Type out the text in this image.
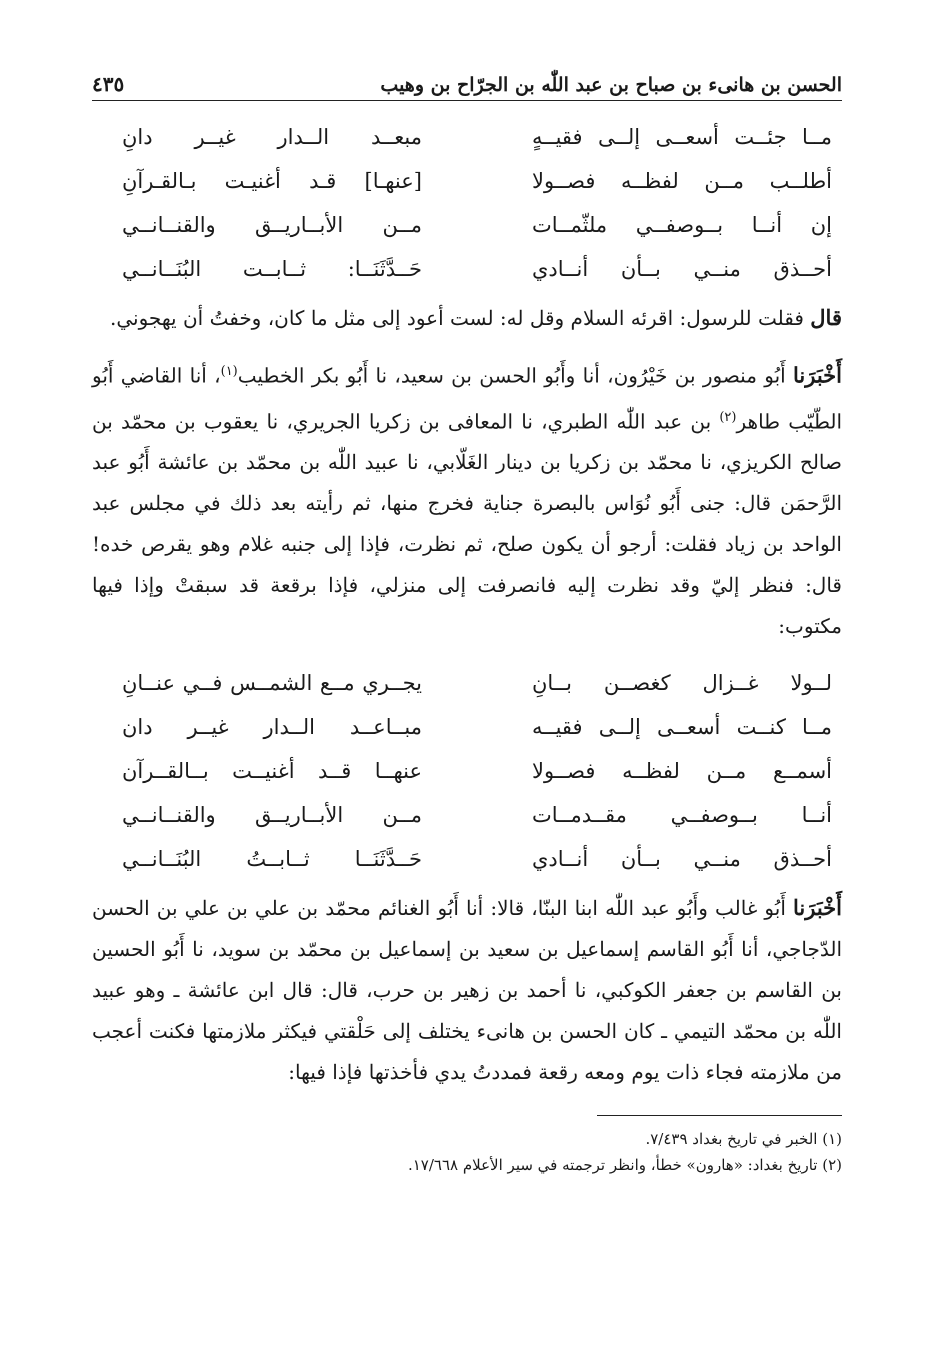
الحسن بن هانىء بن صباح بن عبد اللّٰه بن الجرّاح بن وهيب
٤٣٥
مــا جئــت أسعــى إلــى فقيــهٍ
مبعــد الــدار غيــر دانِ
أطلــب مــن لفظــه فصــولا
[عنهـا] قـد أغنيـت بـالقـرآنِ
إن أنــا بــوصفــي ملثّمــات
مــن الأبــاريــق والقنــانــي
أحــذق منــي بــأن أنــادي
حَــدَّثَنَــا: ثــابــت البُنَــانــي

قال فقلت للرسول: اقرئه السلام وقل له: لست أعود إلى مثل ما كان، وخفتُ أن يهجوني.

أَخْبَرَنا أَبُو منصور بن خَيْرُون، أنا وأَبُو الحسن بن سعيد، نا أَبُو بكر الخطيب$^{(١)}$، أنا القاضي أَبُو الطّيّب طاهر$^{(٢)}$ بن عبد اللّٰه الطبري، نا المعافى بن زكريا الجريري، نا يعقوب بن محمّد بن صالح الكريزي، نا محمّد بن زكريا بن دينار الغَلّابي، نا عبيد اللّٰه بن محمّد بن عائشة أَبُو عبد الرَّحمَن قال: جنى أَبُو نُوَاس بالبصرة جناية فخرج منها، ثم رأيته بعد ذلك في مجلس عبد الواحد بن زياد فقلت: أرجو أن يكون صلح، ثم نظرت، فإذا إلى جنبه غلام وهو يقرص خده! قال: فنظر إليّ وقد نظرت إليه فانصرفت إلى منزلي، فإذا برقعة قد سبقتْ وإذا فيها مكتوب:

لــولا غــزال كغصــن بــانِ
يجــري مــع الشمــس فــي عنــانِ
مــا كنــت أسعــى إلــى فقيــه
مبــاعــد الــدار غيــر دان
أسمــع مــن لفظــه فصــولا
عنهــا قــد أغنيــت بــالقــرآن
أنــا بــوصفــي مقــدمــات
مــن الأبــاريــق والقنــانــي
أحــذق منــي بــأن أنــادي
حَــدَّثَنَــا ثــابــتُ البُنَــانــي

أَخْبَرَنا أَبُو غالب وأَبُو عبد اللّٰه ابنا البنّا، قالا: أنا أَبُو الغنائم محمّد بن علي بن علي بن الحسن الدّجاجي، أنا أَبُو القاسم إسماعيل بن سعيد بن إسماعيل بن محمّد بن سويد، نا أَبُو الحسين بن القاسم بن جعفر الكوكبي، نا أحمد بن زهير بن حرب، قال: قال ابن عائشة ـ وهو عبيد اللّٰه بن محمّد التيمي ـ كان الحسن بن هانىء يختلف إلى حَلْقتي فيكثر ملازمتها فكنت أعجب من ملازمته فجاء ذات يوم ومعه رقعة فمددتُ يدي فأخذتها فإذا فيها:

(١) الخبر في تاريخ بغداد ٧/٤٣٩.

(٢) تاريخ بغداد: «هارون» خطأ، وانظر ترجمته في سير الأعلام ١٧/٦٦٨.
